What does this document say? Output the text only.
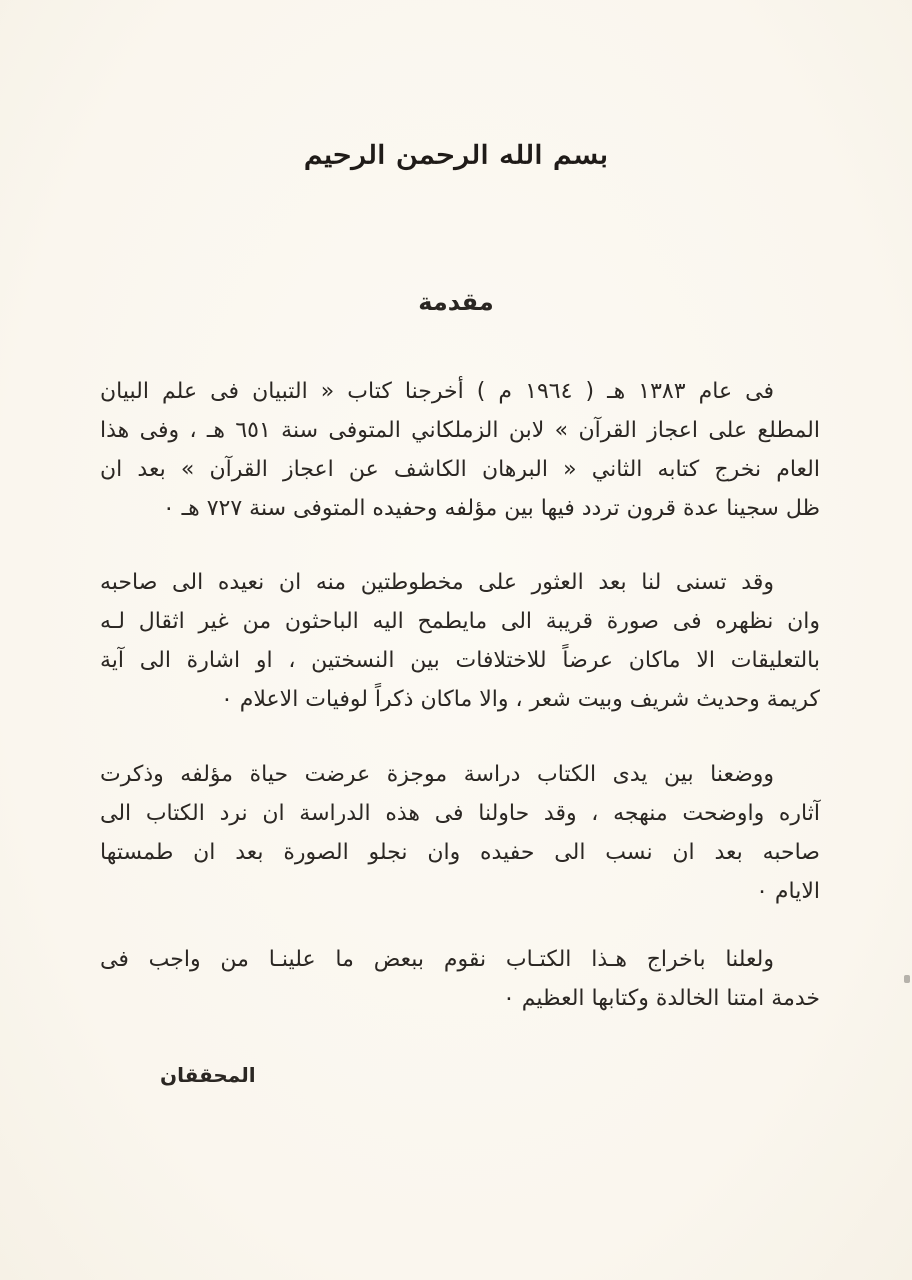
بسم الله الرحمن الرحيم
مقدمة

فى عام ١٣٨٣ هـ ( ١٩٦٤ م ) أخرجنا كتاب « التبيان فى علم البيان
المطلع على اعجاز القرآن » لابن الزملكاني المتوفى سنة ٦٥١ هـ ، وفى هذا
العام نخرج كتابه الثاني « البرهان الكاشف عن اعجاز القرآن » بعد ان
ظل سجينا عدة قرون تردد فيها بين مؤلفه وحفيده المتوفى سنة ٧٢٧ هـ ٠

وقد تسنى لنا بعد العثور على مخطوطتين منه ان نعيده الى صاحبه
وان نظهره فى صورة قريبة الى مايطمح اليه الباحثون من غير اثقال لـه
بالتعليقات الا ماكان عرضاً للاختلافات بين النسختين ، او اشارة الى آية
كريمة وحديث شريف وبيت شعر ، والا ماكان ذكراً لوفيات الاعلام ٠

ووضعنا بين يدى الكتاب دراسة موجزة عرضت حياة مؤلفه وذكرت
آثاره واوضحت منهجه ، وقد حاولنا فى هذه الدراسة ان نرد الكتاب الى
صاحبه بعد ان نسب الى حفيده وان نجلو الصورة بعد ان طمستها
الايام ٠

ولعلنا باخراج هـذا الكتـاب نقوم ببعض ما علينـا من واجب فى
خدمة امتنا الخالدة وكتابها العظيم ٠

المحققان
